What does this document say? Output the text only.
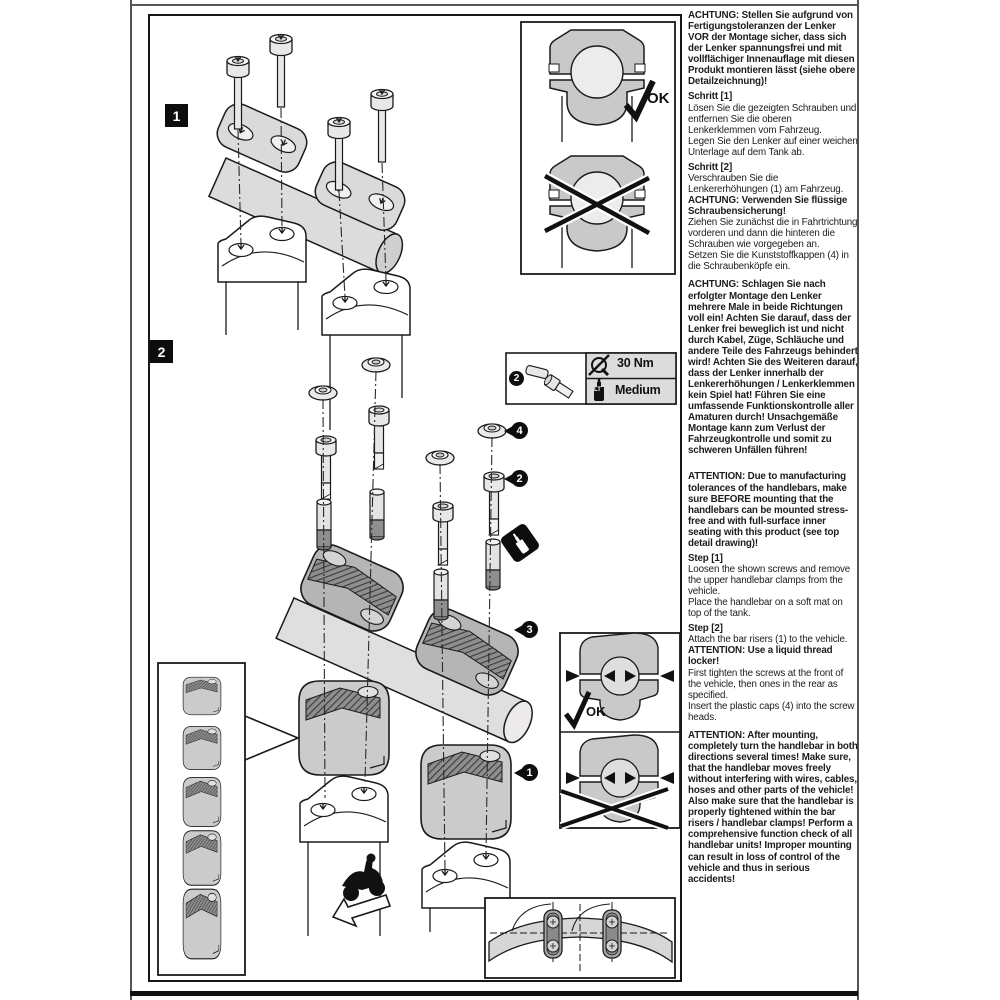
1
2
4
2
3
1
2
OK
OK
30 Nm
Medium
LT

ACHTUNG: Stellen Sie aufgrund von Fertigungstoleranzen der Lenker VOR der Montage sicher, dass sich der Lenker spannungsfrei und mit vollflächiger Innenauflage mit diesen Produkt montieren lässt (siehe obere Detailzeichnung)!

Schritt [1]

Lösen Sie die gezeigten Schrauben und entfernen Sie die oberen Lenkerklemmen vom Fahrzeug.

Legen Sie den Lenker auf einer weichen Unterlage auf dem Tank ab.

Schritt [2]

Verschrauben Sie die Lenkererhöhungen (1) am Fahrzeug.

ACHTUNG: Verwenden Sie flüssige Schraubensicherung!

Ziehen Sie zunächst die in Fahrtrichtung vorderen und dann die hinteren die Schrauben wie vorgegeben an.

Setzen Sie die Kunststoffkappen (4) in die Schraubenköpfe ein.

ACHTUNG: Schlagen Sie nach erfolgter Montage den Lenker mehrere Male in beide Richtungen voll ein! Achten Sie darauf, dass der Lenker frei beweglich ist und nicht durch Kabel, Züge, Schläuche und andere Teile des Fahrzeugs behindert wird! Achten Sie des Weiteren darauf, dass der Lenker innerhalb der Lenkererhöhungen / Lenkerklemmen kein Spiel hat! Führen Sie eine umfassende Funktionskontrolle aller Amaturen durch! Unsachgemäße Montage kann zum Verlust der Fahrzeugkontrolle und somit zu schweren Unfällen führen!

ATTENTION: Due to manufacturing tolerances of the handlebars, make sure BEFORE mounting that the handlebars can be mounted stress-free and with full-surface inner seating with this product (see top detail drawing)!

Step [1]

Loosen the shown screws and remove the upper handlebar clamps from the vehicle.

Place the handlebar on a soft mat on top of the tank.

Step [2]

Attach the bar risers (1) to the vehicle.

ATTENTION: Use a liquid thread locker!

First tighten the screws at the front of the vehicle, then ones in the rear as specified.

Insert the plastic caps (4) into the screw heads.

ATTENTION: After mounting, completely turn the handlebar in both directions several times! Make sure, that the handlebar moves freely without interfering with wires, cables, hoses and other parts of the vehicle! Also make sure that the handlebar is properly tightened within the bar risers / handlebar clamps! Perform a comprehensive function check of all handlebar units! Improper mounting can result in loss of control of the vehicle and thus in serious accidents!
